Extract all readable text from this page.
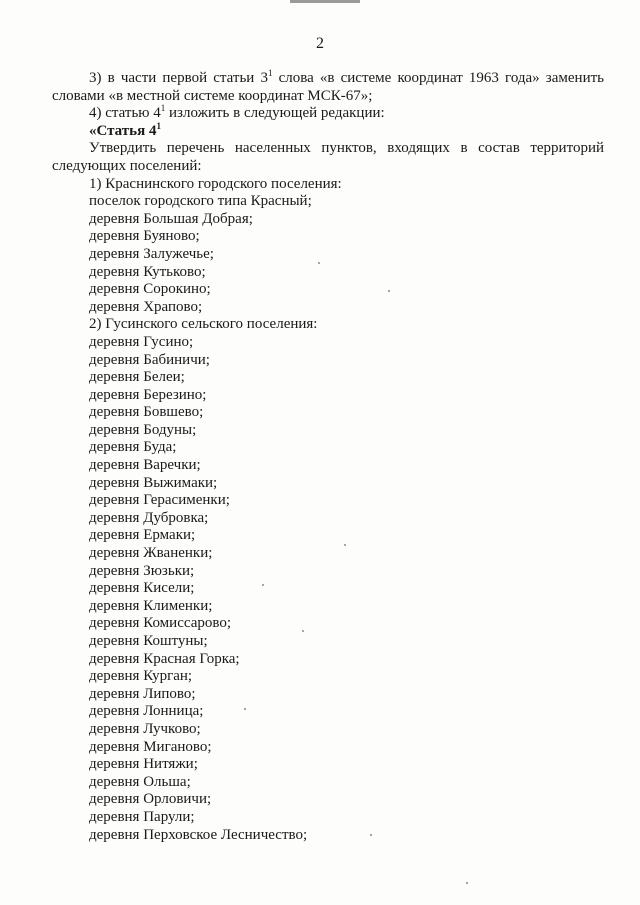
2

3) в части первой статьи $3^1$ слова «в системе координат 1963 года» заменить словами «в местной системе координат МСК-67»;

4) статью $4^1$ изложить в следующей редакции:

«Статья $4^1$

Утвердить перечень населенных пунктов, входящих в состав территорий следующих поселений:

1) Краснинского городского поселения:

поселок городского типа Красный;
деревня Большая Добрая;
деревня Буяново;
деревня Залужечье;
деревня Кутьково;
деревня Сорокино;
деревня Храпово;

2) Гусинского сельского поселения:

деревня Гусино;
деревня Бабиничи;
деревня Белеи;
деревня Березино;
деревня Бовшево;
деревня Бодуны;
деревня Буда;
деревня Варечки;
деревня Выжимаки;
деревня Герасименки;
деревня Дубровка;
деревня Ермаки;
деревня Жваненки;
деревня Зюзьки;
деревня Кисели;
деревня Клименки;
деревня Комиссарово;
деревня Коштуны;
деревня Красная Горка;
деревня Курган;
деревня Липово;
деревня Лонница;
деревня Лучково;
деревня Миганово;
деревня Нитяжи;
деревня Ольша;
деревня Орловичи;
деревня Парули;
деревня Перховское Лесничество;
